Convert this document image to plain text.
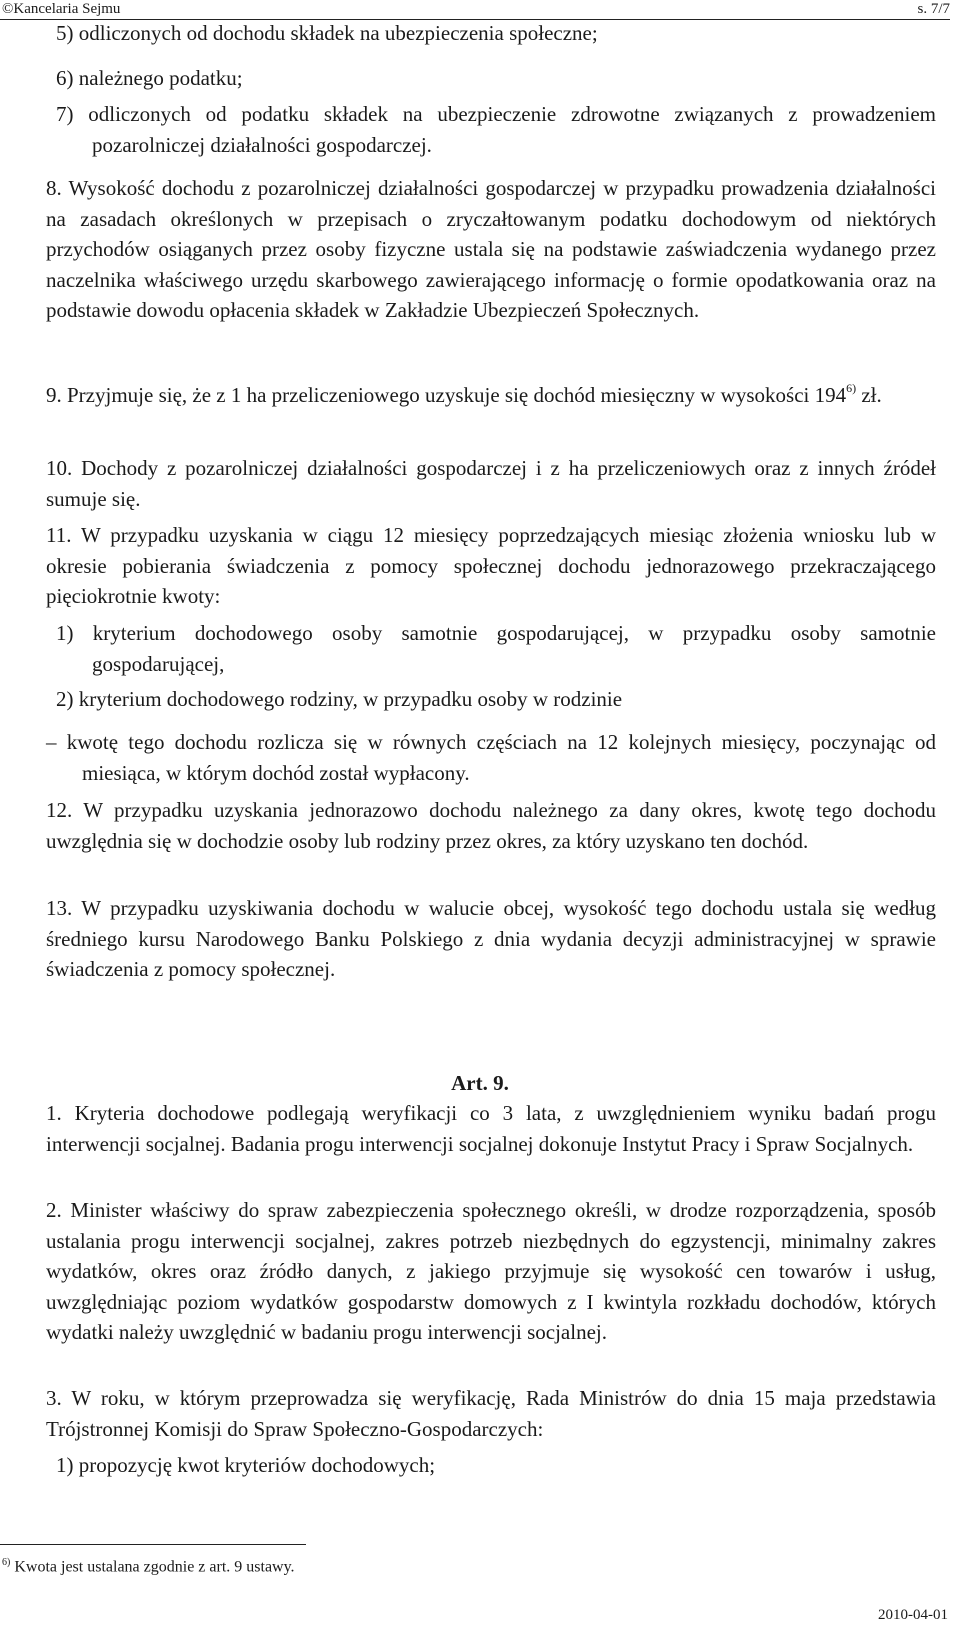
©Kancelaria Sejmu	s. 7/7

5) odliczonych od dochodu składek na ubezpieczenia społeczne;

6) należnego podatku;

7) odliczonych od podatku składek na ubezpieczenie zdrowotne związanych z prowadzeniem pozarolniczej działalności gospodarczej.

8. Wysokość dochodu z pozarolniczej działalności gospodarczej w przypadku prowadzenia działalności na zasadach określonych w przepisach o zryczałtowanym podatku dochodowym od niektórych przychodów osiąganych przez osoby fizyczne ustala się na podstawie zaświadczenia wydanego przez naczelnika właściwego urzędu skarbowego zawierającego informację o formie opodatkowania oraz na podstawie dowodu opłacenia składek w Zakładzie Ubezpieczeń Społecznych.

9. Przyjmuje się, że z 1 ha przeliczeniowego uzyskuje się dochód miesięczny w wysokości 194$^{6)}$ zł.

10. Dochody z pozarolniczej działalności gospodarczej i z ha przeliczeniowych oraz z innych źródeł sumuje się.

11. W przypadku uzyskania w ciągu 12 miesięcy poprzedzających miesiąc złożenia wniosku lub w okresie pobierania świadczenia z pomocy społecznej dochodu jednorazowego przekraczającego pięciokrotnie kwoty:

1) kryterium dochodowego osoby samotnie gospodarującej, w przypadku osoby samotnie gospodarującej,

2) kryterium dochodowego rodziny, w przypadku osoby w rodzinie

– kwotę tego dochodu rozlicza się w równych częściach na 12 kolejnych miesięcy, poczynając od miesiąca, w którym dochód został wypłacony.

12. W przypadku uzyskania jednorazowo dochodu należnego za dany okres, kwotę tego dochodu uwzględnia się w dochodzie osoby lub rodziny przez okres, za który uzyskano ten dochód.

13. W przypadku uzyskiwania dochodu w walucie obcej, wysokość tego dochodu ustala się według średniego kursu Narodowego Banku Polskiego z dnia wydania decyzji administracyjnej w sprawie świadczenia z pomocy społecznej.

Art. 9.

1. Kryteria dochodowe podlegają weryfikacji co 3 lata, z uwzględnieniem wyniku badań progu interwencji socjalnej. Badania progu interwencji socjalnej dokonuje Instytut Pracy i Spraw Socjalnych.

2. Minister właściwy do spraw zabezpieczenia społecznego określi, w drodze rozporządzenia, sposób ustalania progu interwencji socjalnej, zakres potrzeb niezbędnych do egzystencji, minimalny zakres wydatków, okres oraz źródło danych, z jakiego przyjmuje się wysokość cen towarów i usług, uwzględniając poziom wydatków gospodarstw domowych z I kwintyla rozkładu dochodów, których wydatki należy uwzględnić w badaniu progu interwencji socjalnej.

3. W roku, w którym przeprowadza się weryfikację, Rada Ministrów do dnia 15 maja przedstawia Trójstronnej Komisji do Spraw Społeczno-Gospodarczych:

1) propozycję kwot kryteriów dochodowych;

$^{6)}$ Kwota jest ustalana zgodnie z art. 9 ustawy.
2010-04-01
